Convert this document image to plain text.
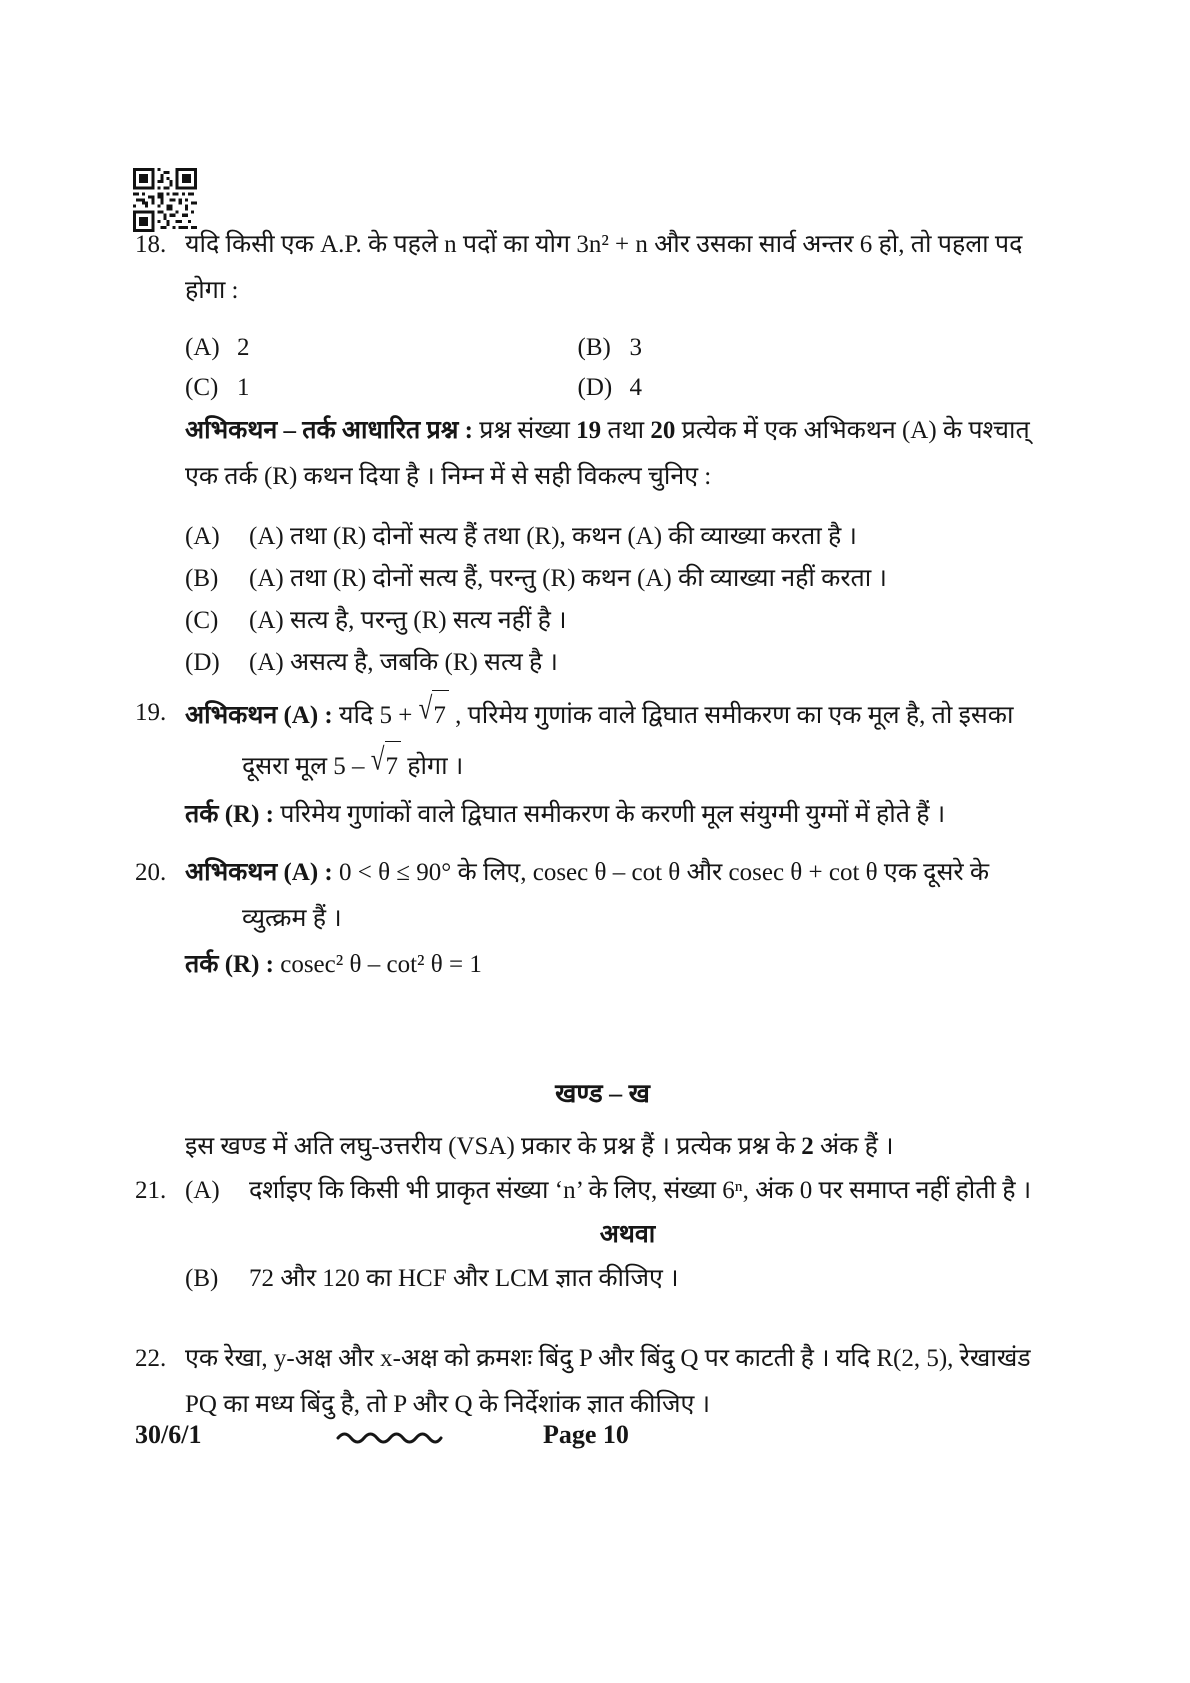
18. यदि किसी एक A.P. के पहले n पदों का योग 3n² + n और उसका सार्व अन्तर 6 हो, तो पहला पद
होगा :
(A) 2	(B) 3
(C) 1	(D) 4
अभिकथन – तर्क आधारित प्रश्न : प्रश्न संख्या 19 तथा 20 प्रत्येक में एक अभिकथन (A) के पश्चात्
एक तर्क (R) कथन दिया है । निम्न में से सही विकल्प चुनिए :
(A)	(A) तथा (R) दोनों सत्य हैं तथा (R), कथन (A) की व्याख्या करता है ।
(B)	(A) तथा (R) दोनों सत्य हैं, परन्तु (R) कथन (A) की व्याख्या नहीं करता ।
(C)	(A) सत्य है, परन्तु (R) सत्य नहीं है ।
(D)	(A) असत्य है, जबकि (R) सत्य है ।
19. अभिकथन (A) : यदि 5 + √7 , परिमेय गुणांक वाले द्विघात समीकरण का एक मूल है, तो इसका
दूसरा मूल 5 – √7 होगा ।
तर्क (R) : परिमेय गुणांकों वाले द्विघात समीकरण के करणी मूल संयुग्मी युग्मों में होते हैं ।
20. अभिकथन (A) : 0 < θ ≤ 90° के लिए, cosec θ – cot θ और cosec θ + cot θ एक दूसरे के
व्युत्क्रम हैं ।
तर्क (R) : cosec² θ – cot² θ = 1
खण्ड – ख
इस खण्ड में अति लघु-उत्तरीय (VSA) प्रकार के प्रश्न हैं । प्रत्येक प्रश्न के 2 अंक हैं ।
21. (A)	दर्शाइए कि किसी भी प्राकृत संख्या ‘n’ के लिए, संख्या 6ⁿ, अंक 0 पर समाप्त नहीं होती है ।
अथवा
(B)	72 और 120 का HCF और LCM ज्ञात कीजिए ।
22. एक रेखा, y-अक्ष और x-अक्ष को क्रमशः बिंदु P और बिंदु Q पर काटती है । यदि R(2, 5), रेखाखंड
PQ का मध्य बिंदु है, तो P और Q के निर्देशांक ज्ञात कीजिए ।
30/6/1	Page 10
